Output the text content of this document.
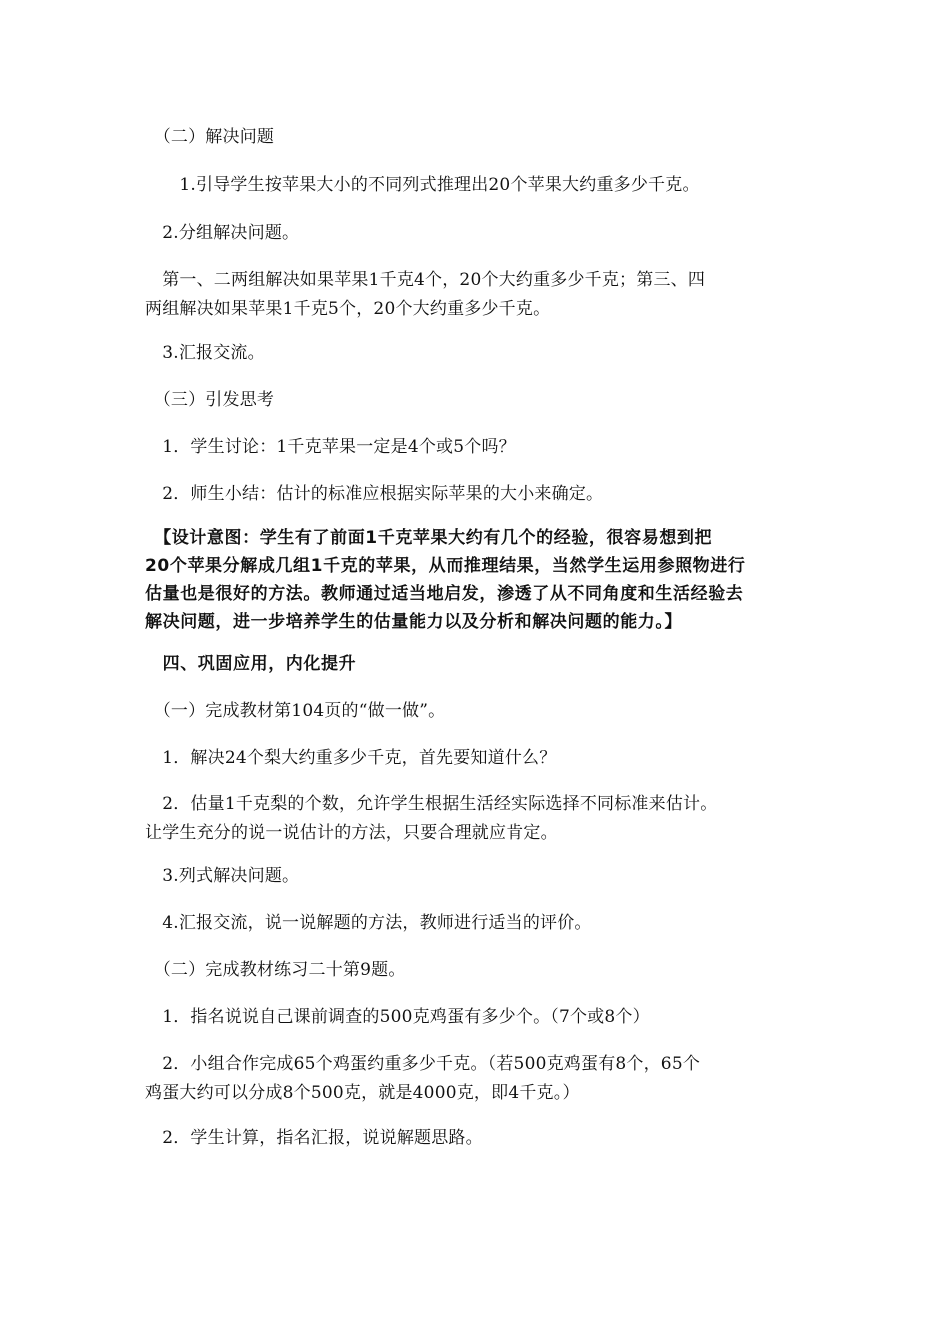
　（二）解决问题
　　1.引导学生按苹果大小的不同列式推理出20个苹果大约重多少千克。
　2.分组解决问题。
　第一、二两组解决如果苹果1千克4个，20个大约重多少千克；第三、四
两组解决如果苹果1千克5个，20个大约重多少千克。
　3.汇报交流。
　（三）引发思考
　1．学生讨论：1千克苹果一定是4个或5个吗？
　2．师生小结：估计的标准应根据实际苹果的大小来确定。
　【设计意图：学生有了前面1千克苹果大约有几个的经验，很容易想到把
20个苹果分解成几组1千克的苹果，从而推理结果，当然学生运用参照物进行
估量也是很好的方法。教师通过适当地启发，渗透了从不同角度和生活经验去
解决问题，进一步培养学生的估量能力以及分析和解决问题的能力。】
　四、巩固应用，内化提升
　（一）完成教材第104页的“做一做”。
　1．解决24个梨大约重多少千克，首先要知道什么？
　2．估量1千克梨的个数，允许学生根据生活经实际选择不同标准来估计。
让学生充分的说一说估计的方法，只要合理就应肯定。
　3.列式解决问题。
　4.汇报交流，说一说解题的方法，教师进行适当的评价。
　（二）完成教材练习二十第9题。
　1．指名说说自己课前调查的500克鸡蛋有多少个。（7个或8个）
　2．小组合作完成65个鸡蛋约重多少千克。（若500克鸡蛋有8个，65个
鸡蛋大约可以分成8个500克，就是4000克，即4千克。）
　2．学生计算，指名汇报，说说解题思路。
